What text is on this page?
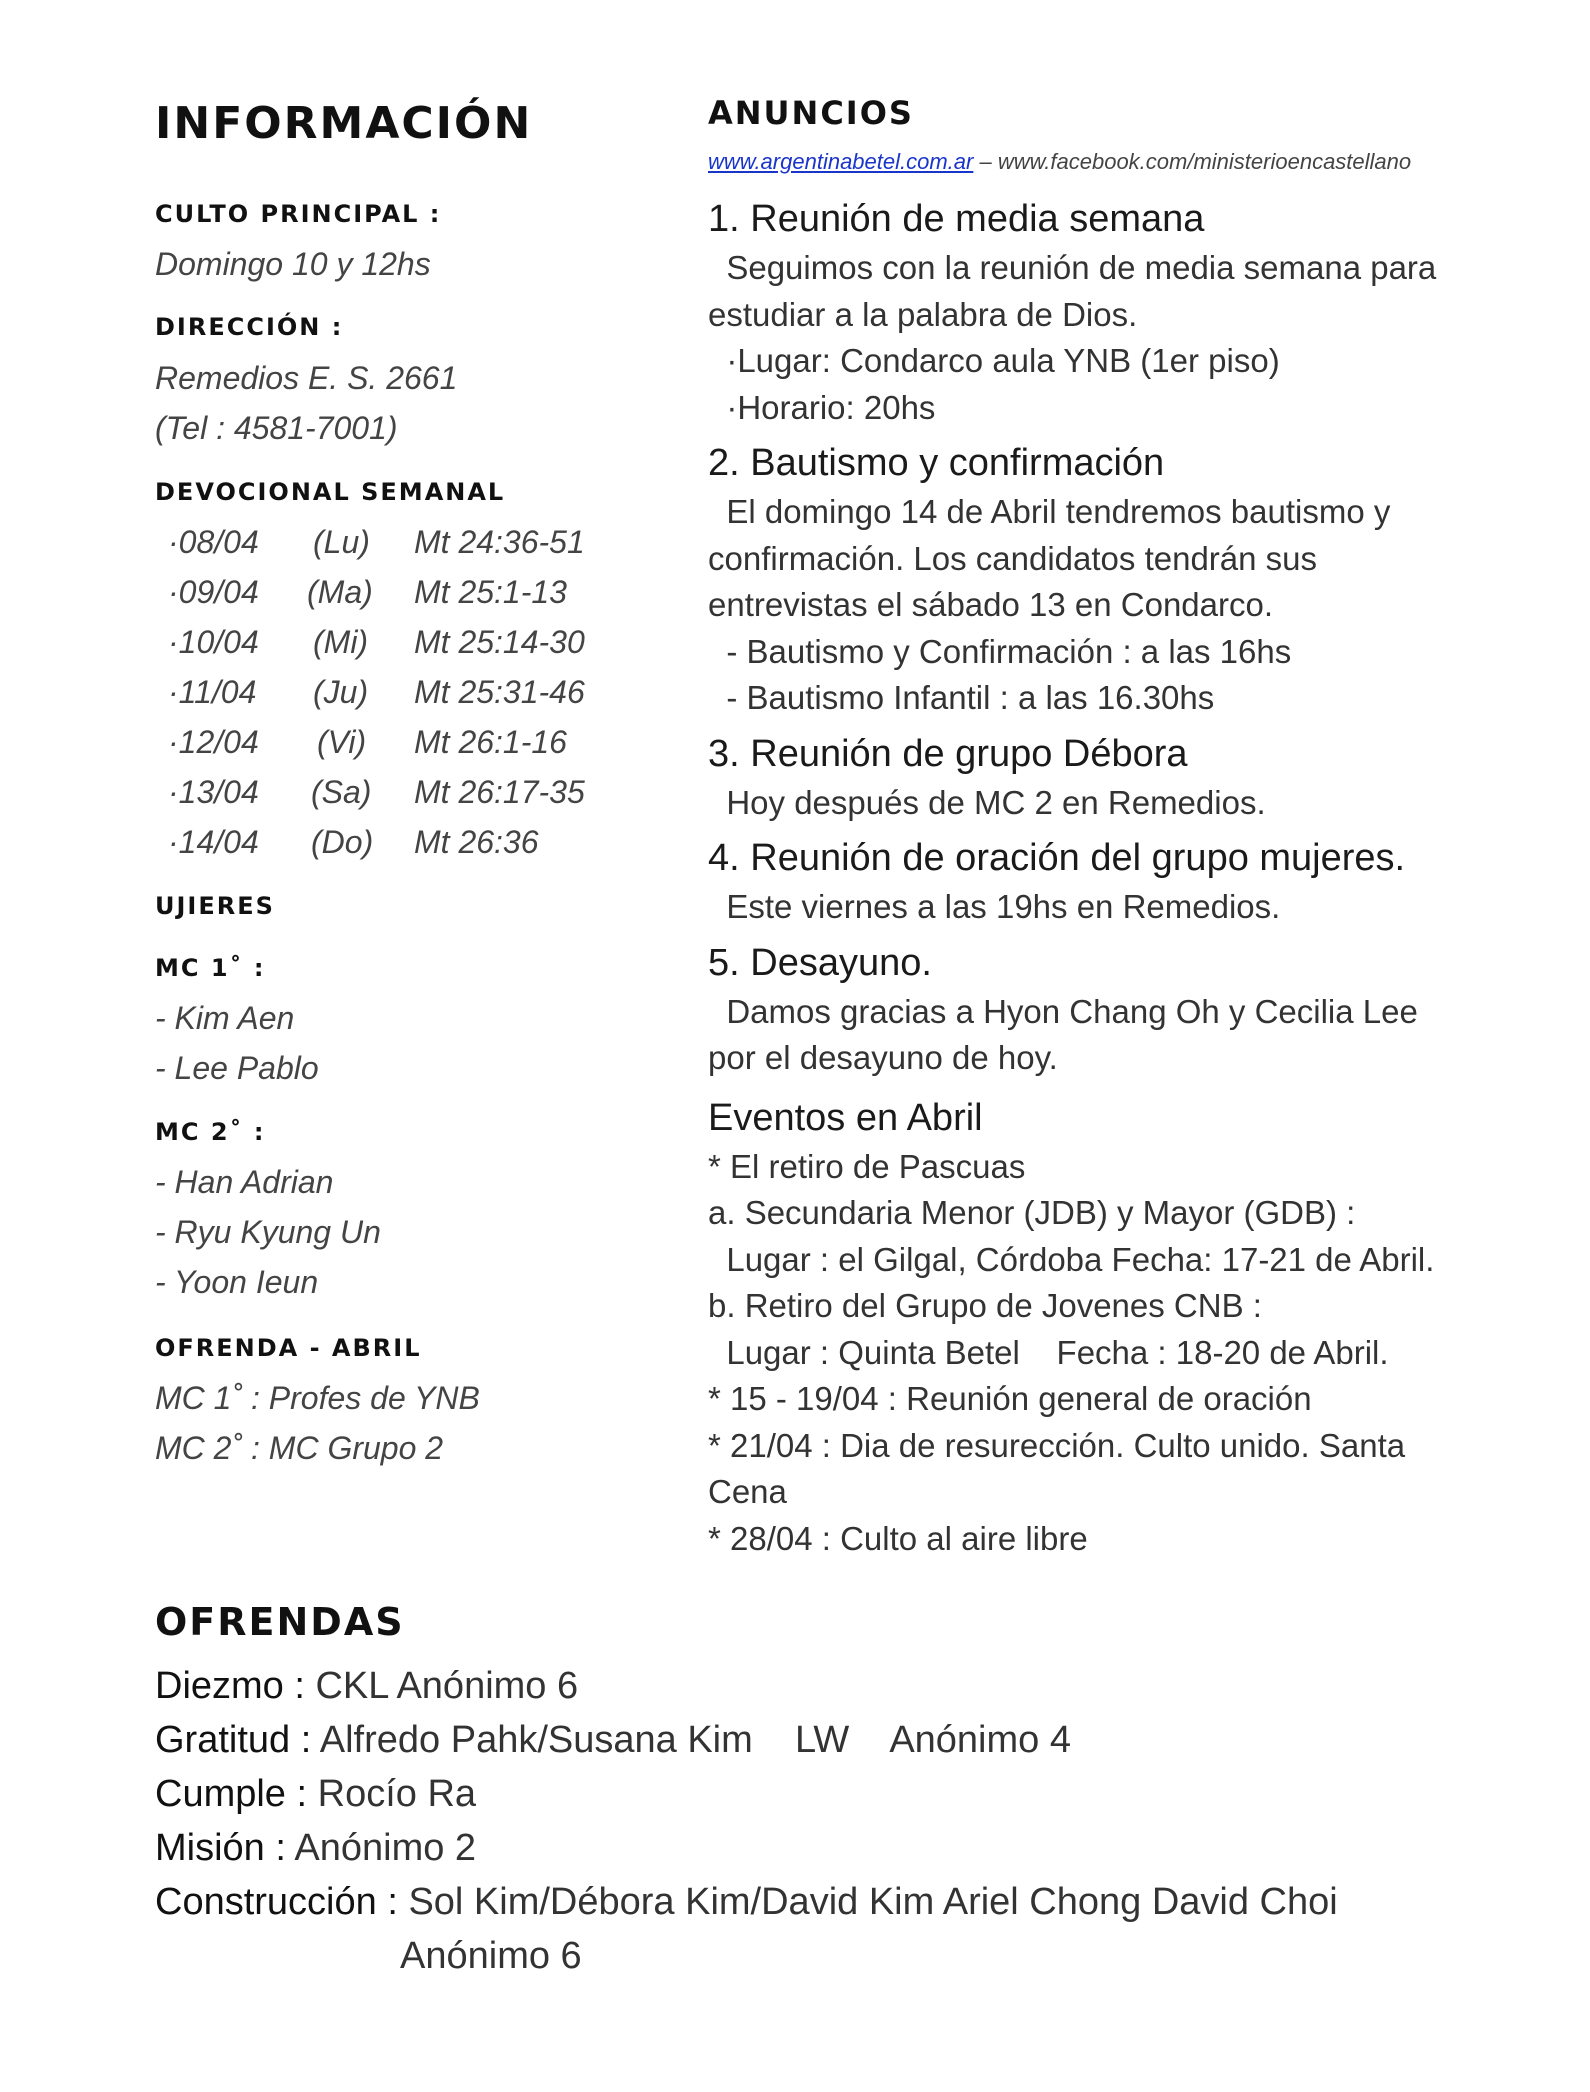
INFORMACIÓN
CULTO PRINCIPAL :
Domingo 10 y 12hs
DIRECCIÓN :
Remedios E. S. 2661
(Tel : 4581-7001)
DEVOCIONAL SEMANAL
·08/04 (Lu) Mt 24:36-51
·09/04 (Ma) Mt 25:1-13
·10/04 (Mi) Mt 25:14-30
·11/04 (Ju) Mt 25:31-46
·12/04 (Vi) Mt 26:1-16
·13/04 (Sa) Mt 26:17-35
·14/04 (Do) Mt 26:36
UJIERES
MC 1˚ :
- Kim Aen
- Lee Pablo
MC 2˚ :
- Han Adrian
- Ryu Kyung Un
- Yoon Ieun
OFRENDA - ABRIL
MC 1˚ : Profes de YNB
MC 2˚ : MC Grupo 2
ANUNCIOS
www.argentinabetel.com.ar – www.facebook.com/ministerioencastellano
1. Reunión de media semana
Seguimos con la reunión de media semana para
estudiar a la palabra de Dios.
·Lugar: Condarco aula YNB (1er piso)
·Horario: 20hs
2. Bautismo y confirmación
El domingo 14 de Abril tendremos bautismo y
confirmación. Los candidatos tendrán sus
entrevistas el sábado 13 en Condarco.
- Bautismo y Confirmación : a las 16hs
- Bautismo Infantil : a las 16.30hs
3. Reunión de grupo Débora
Hoy después de MC 2 en Remedios.
4. Reunión de oración del grupo mujeres.
Este viernes a las 19hs en Remedios.
5. Desayuno.
Damos gracias a Hyon Chang Oh y Cecilia Lee
por el desayuno de hoy.
Eventos en Abril
* El retiro de Pascuas
a. Secundaria Menor (JDB) y Mayor (GDB) :
Lugar : el Gilgal, Córdoba Fecha: 17-21 de Abril.
b. Retiro del Grupo de Jovenes CNB :
Lugar : Quinta Betel    Fecha : 18-20 de Abril.
* 15 - 19/04 : Reunión general de oración
* 21/04 : Dia de resurección. Culto unido. Santa
Cena
* 28/04 : Culto al aire libre
OFRENDAS
Diezmo : CKL Anónimo 6
Gratitud : Alfredo Pahk/Susana Kim    LW    Anónimo 4
Cumple : Rocío Ra
Misión : Anónimo 2
Construcción : Sol Kim/Débora Kim/David Kim Ariel Chong David Choi
Anónimo 6
